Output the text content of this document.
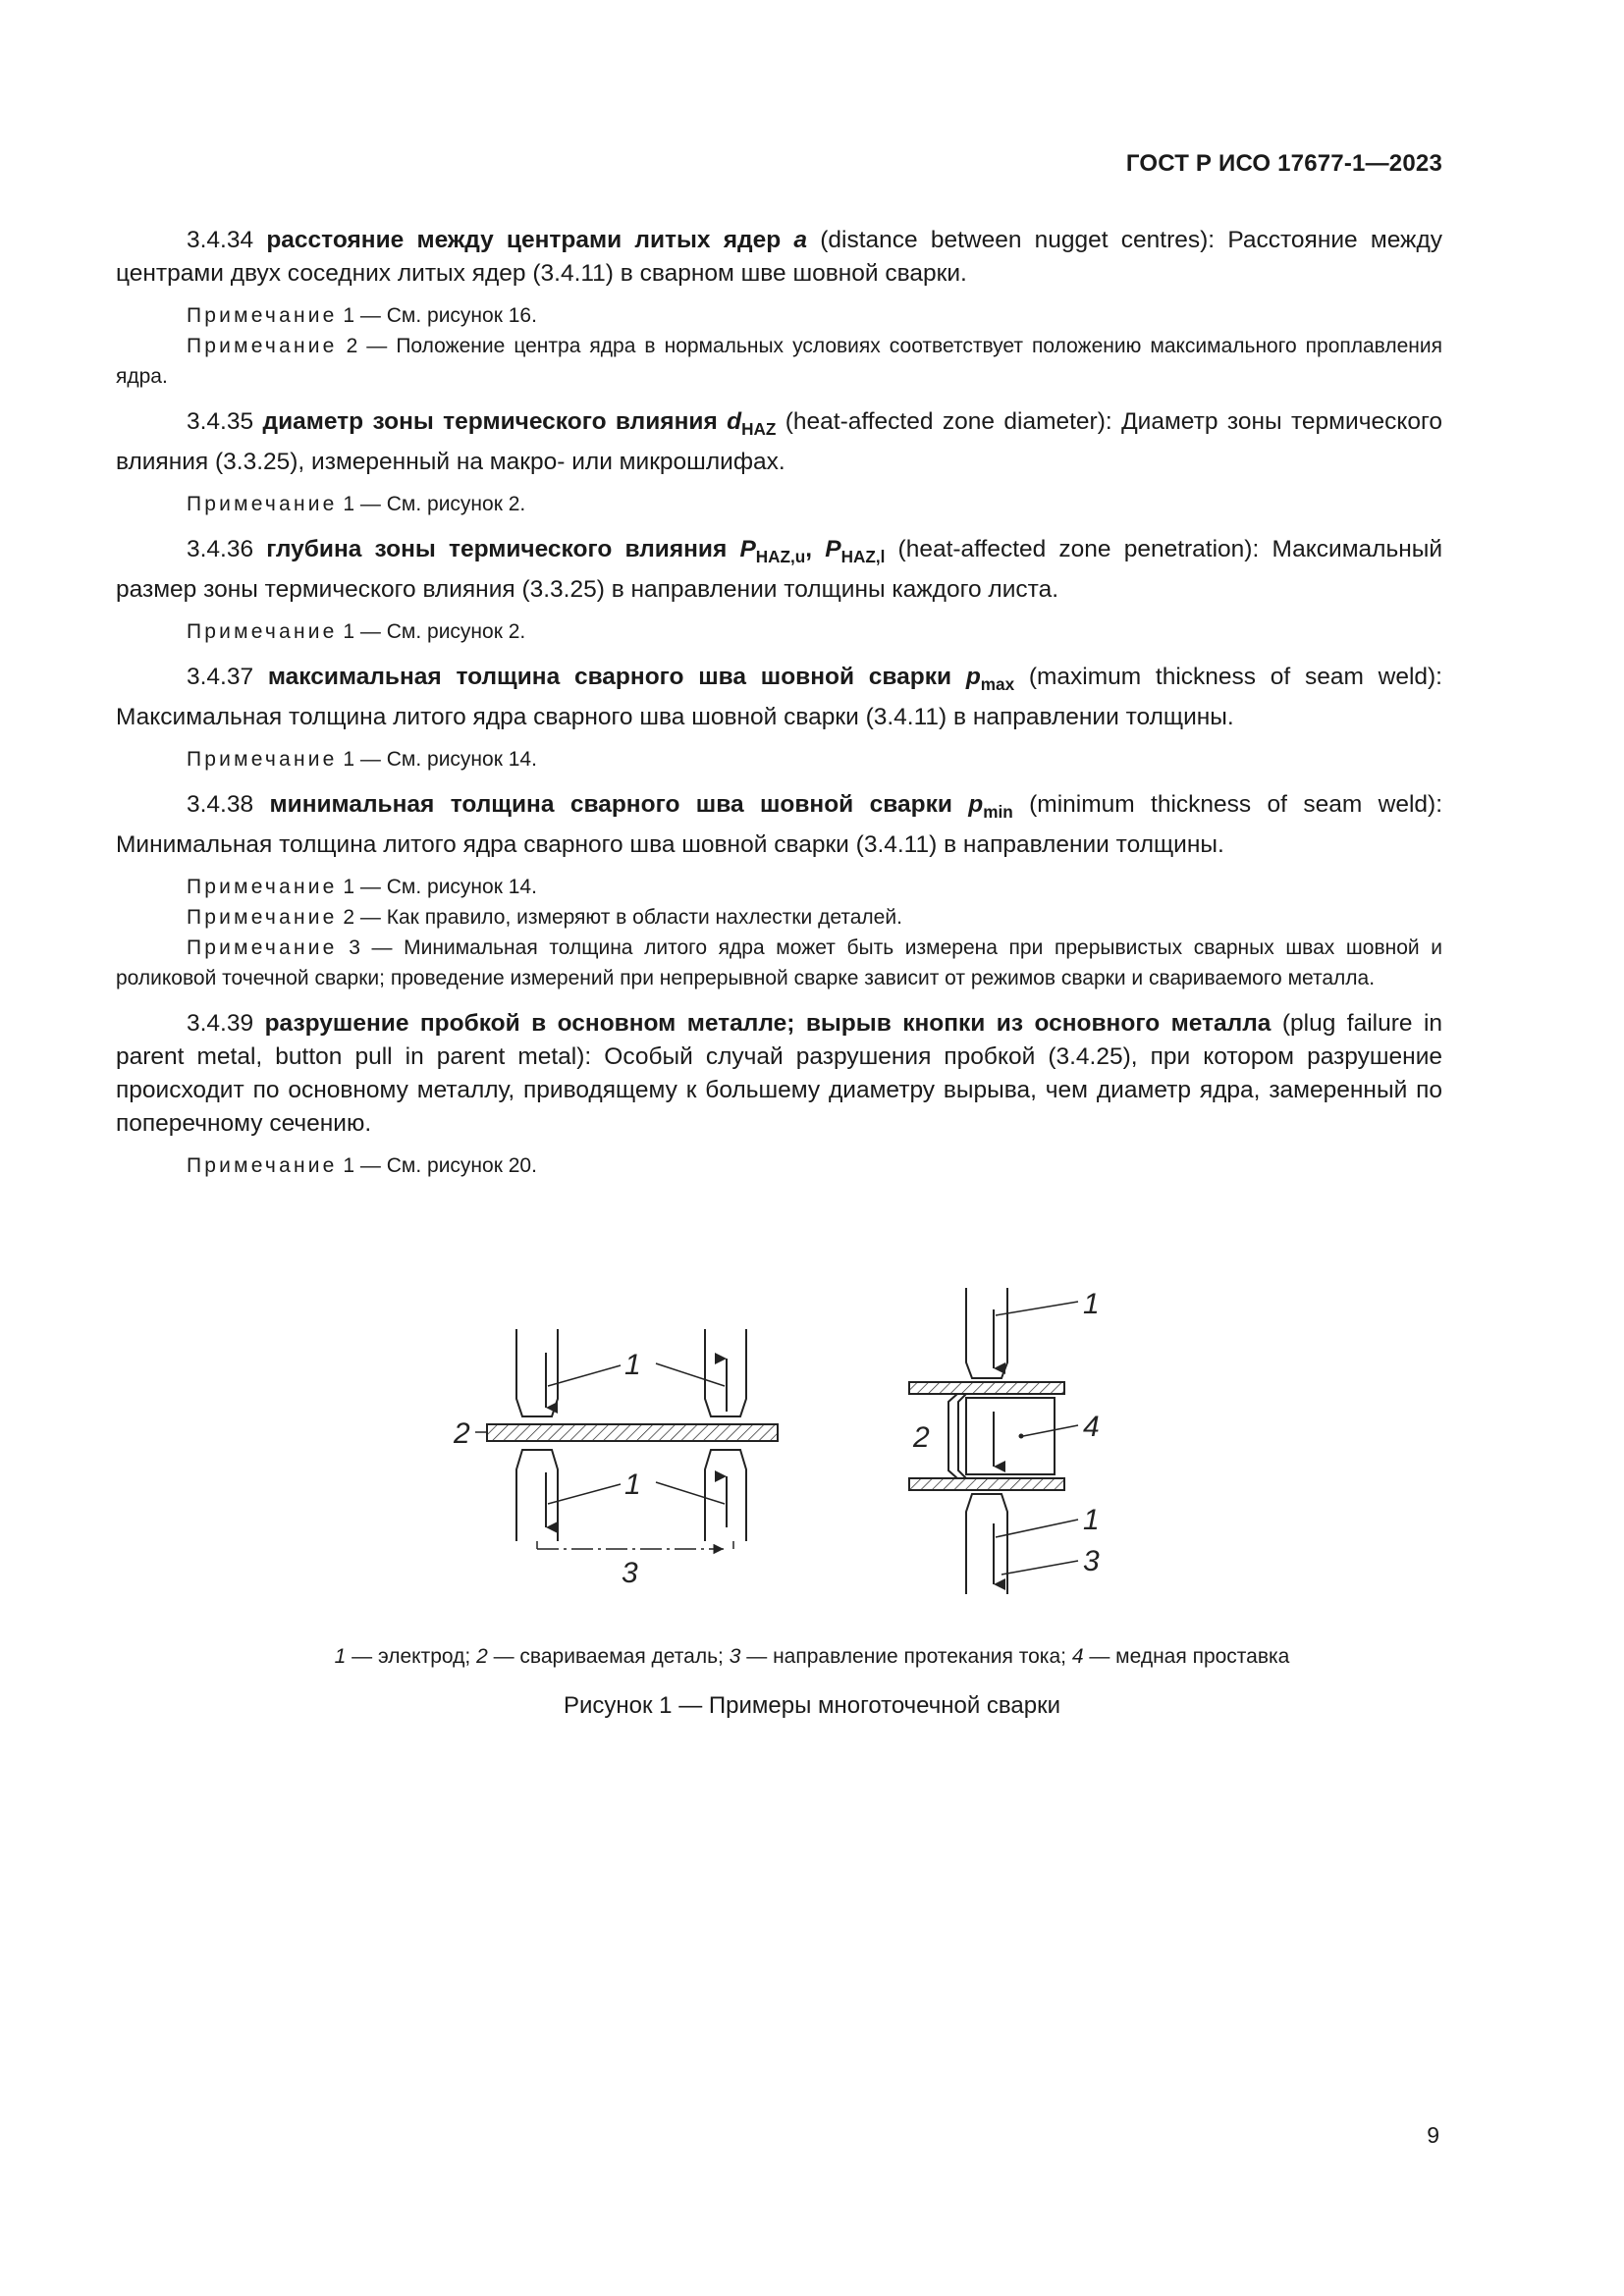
ГОСТ Р ИСО 17677-1—2023

3.4.34 расстояние между центрами литых ядер a (distance between nugget centres): Расстояние между центрами двух соседних литых ядер (3.4.11) в сварном шве шовной сварки.

Примечание 1 — См. рисунок 16.

Примечание 2 — Положение центра ядра в нормальных условиях соответствует положению максимального проплавления ядра.

3.4.35 диаметр зоны термического влияния $d_{HAZ}$ (heat-affected zone diameter): Диаметр зоны термического влияния (3.3.25), измеренный на макро- или микрошлифах.

Примечание 1 — См. рисунок 2.

3.4.36 глубина зоны термического влияния $P_{HAZ,u}$, $P_{HAZ,l}$ (heat-affected zone penetration): Максимальный размер зоны термического влияния (3.3.25) в направлении толщины каждого листа.

Примечание 1 — См. рисунок 2.

3.4.37 максимальная толщина сварного шва шовной сварки $p_{max}$ (maximum thickness of seam weld): Максимальная толщина литого ядра сварного шва шовной сварки (3.4.11) в направлении толщины.

Примечание 1 — См. рисунок 14.

3.4.38 минимальная толщина сварного шва шовной сварки $p_{min}$ (minimum thickness of seam weld): Минимальная толщина литого ядра сварного шва шовной сварки (3.4.11) в направлении толщины.

Примечание 1 — См. рисунок 14.

Примечание 2 — Как правило, измеряют в области нахлестки деталей.

Примечание 3 — Минимальная толщина литого ядра может быть измерена при прерывистых сварных швах шовной и роликовой точечной сварки; проведение измерений при непрерывной сварке зависит от режимов сварки и свариваемого металла.

3.4.39 разрушение пробкой в основном металле; вырыв кнопки из основного металла (plug failure in parent metal, button pull in parent metal): Особый случай разрушения пробкой (3.4.25), при котором разрушение происходит по основному металлу, приводящему к большему диаметру вырыва, чем диаметр ядра, замеренный по поперечному сечению.

Примечание 1 — См. рисунок 20.

1
1
2
3
1
2	4
1
3
1 — электрод; 2 — свариваемая деталь; 3 — направление протекания тока; 4 — медная проставка
Рисунок 1 — Примеры многоточечной сварки
9
